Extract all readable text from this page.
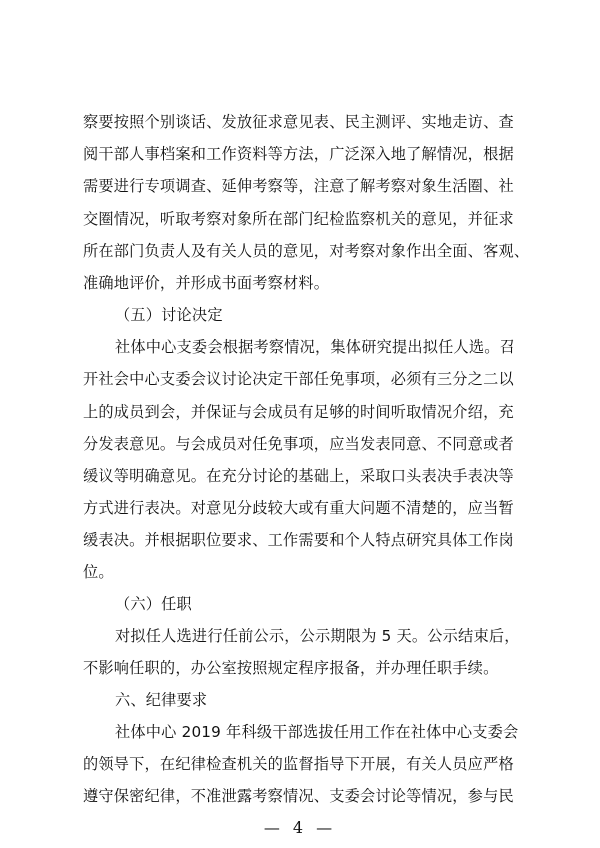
察要按照个别谈话、发放征求意见表、民主测评、实地走访、查
阅干部人事档案和工作资料等方法，广泛深入地了解情况，根据
需要进行专项调查、延伸考察等，注意了解考察对象生活圈、社
交圈情况，听取考察对象所在部门纪检监察机关的意见，并征求
所在部门负责人及有关人员的意见，对考察对象作出全面、客观、
准确地评价，并形成书面考察材料。
（五）讨论决定
社体中心支委会根据考察情况，集体研究提出拟任人选。召
开社会中心支委会议讨论决定干部任免事项，必须有三分之二以
上的成员到会，并保证与会成员有足够的时间听取情况介绍，充
分发表意见。与会成员对任免事项，应当发表同意、不同意或者
缓议等明确意见。在充分讨论的基础上，采取口头表决手表决等
方式进行表决。对意见分歧较大或有重大问题不清楚的，应当暂
缓表决。并根据职位要求、工作需要和个人特点研究具体工作岗
位。
（六）任职
对拟任人选进行任前公示，公示期限为 5 天。公示结束后，
不影响任职的，办公室按照规定程序报备，并办理任职手续。
六、纪律要求
社体中心 2019 年科级干部选拔任用工作在社体中心支委会
的领导下，在纪律检查机关的监督指导下开展，有关人员应严格
遵守保密纪律，不准泄露考察情况、支委会讨论等情况，参与民
— 4 —
